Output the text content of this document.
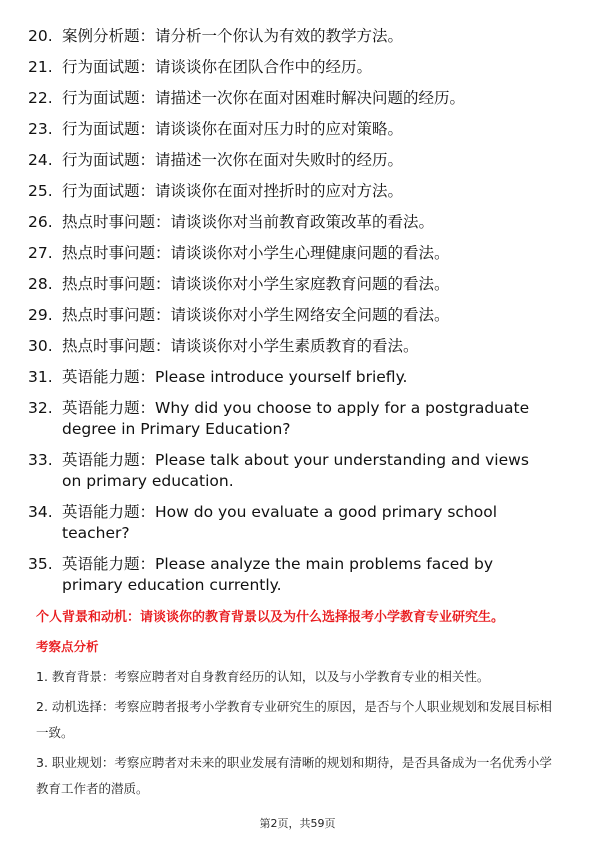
20. 案例分析题：请分析一个你认为有效的教学方法。
21. 行为面试题：请谈谈你在团队合作中的经历。
22. 行为面试题：请描述一次你在面对困难时解决问题的经历。
23. 行为面试题：请谈谈你在面对压力时的应对策略。
24. 行为面试题：请描述一次你在面对失败时的经历。
25. 行为面试题：请谈谈你在面对挫折时的应对方法。
26. 热点时事问题：请谈谈你对当前教育政策改革的看法。
27. 热点时事问题：请谈谈你对小学生心理健康问题的看法。
28. 热点时事问题：请谈谈你对小学生家庭教育问题的看法。
29. 热点时事问题：请谈谈你对小学生网络安全问题的看法。
30. 热点时事问题：请谈谈你对小学生素质教育的看法。
31. 英语能力题：Please introduce yourself briefly.
32. 英语能力题：Why did you choose to apply for a postgraduate
degree in Primary Education?
33. 英语能力题：Please talk about your understanding and views
on primary education.
34. 英语能力题：How do you evaluate a good primary school
teacher?
35. 英语能力题：Please analyze the main problems faced by
primary education currently.
个人背景和动机：请谈谈你的教育背景以及为什么选择报考小学教育专业研究生。
考察点分析
1. 教育背景：考察应聘者对自身教育经历的认知，以及与小学教育专业的相关性。
2. 动机选择：考察应聘者报考小学教育专业研究生的原因，是否与个人职业规划和发展目标相一致。
3. 职业规划：考察应聘者对未来的职业发展有清晰的规划和期待，是否具备成为一名优秀小学教育工作者的潜质。
第2页，共59页
